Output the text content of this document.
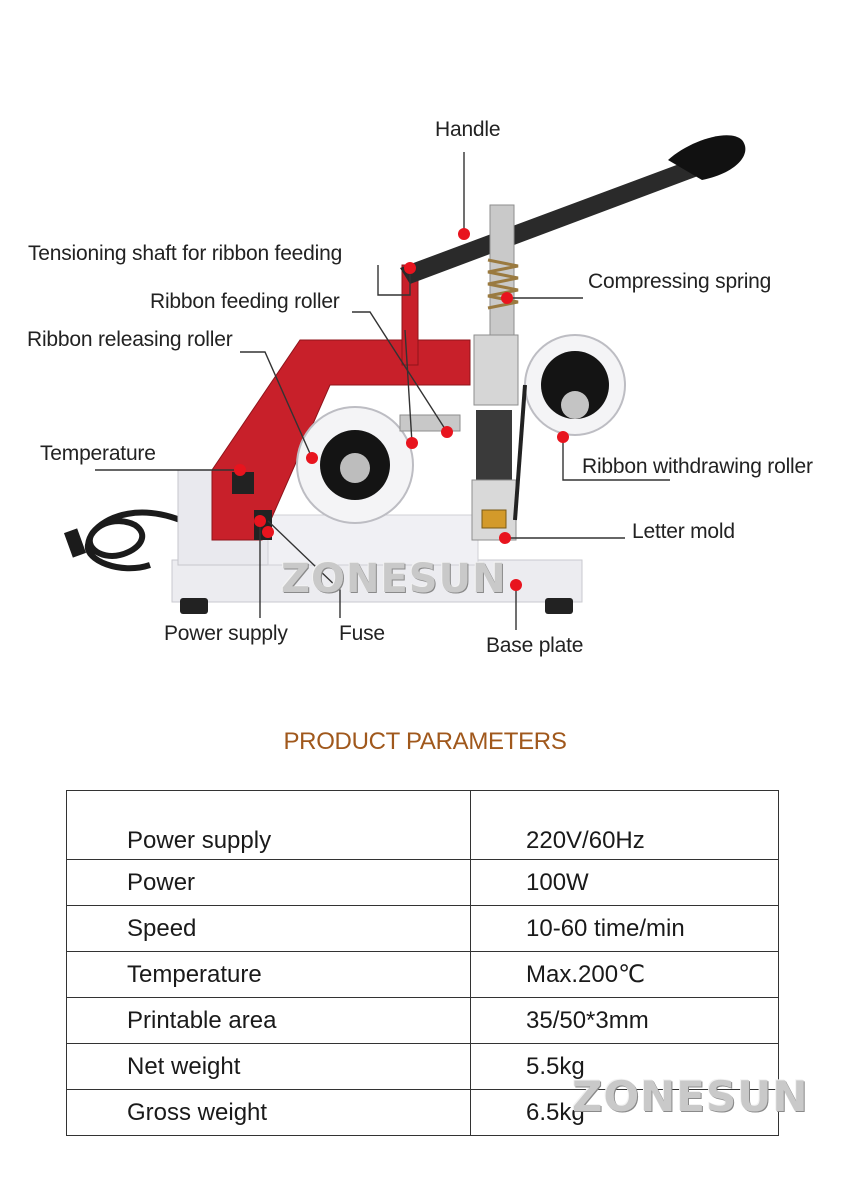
Handle
Tensioning shaft for ribbon feeding
Compressing spring
Ribbon feeding roller
Ribbon releasing roller
Temperature
Ribbon withdrawing roller
Letter mold
Power supply Fuse
Base plate
ZONESUN
PRODUCT PARAMETERS
Power supply	220V/60Hz
Power	100W
Speed	10-60 time/min
Temperature	Max.200℃
Printable area	35/50*3mm
Net weight	5.5kg
Gross weight	6.5kg
ZONESUN
